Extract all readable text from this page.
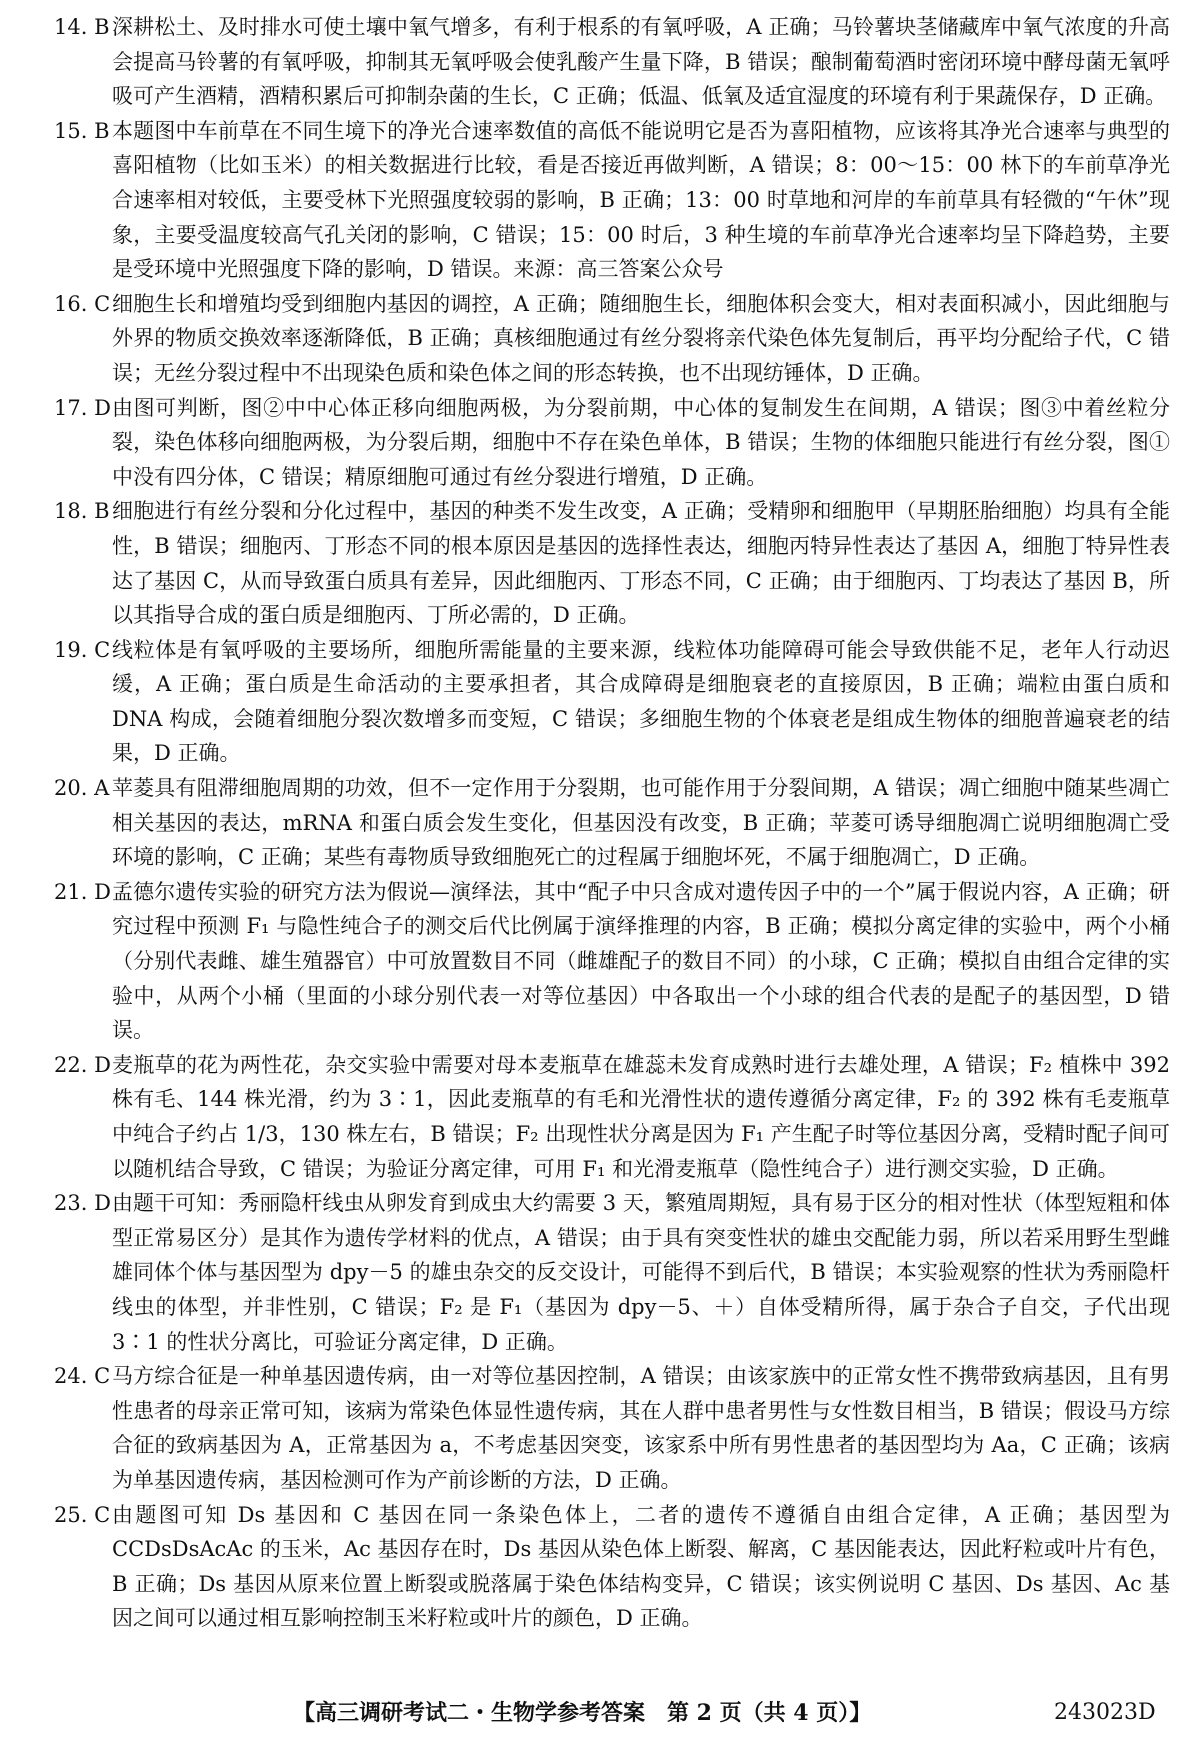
14. B 深耕松土、及时排水可使土壤中氧气增多，有利于根系的有氧呼吸，A 正确；马铃薯块茎储藏库中氧气浓度的升高会提高马铃薯的有氧呼吸，抑制其无氧呼吸会使乳酸产生量下降，B 错误；酿制葡萄酒时密闭环境中酵母菌无氧呼吸可产生酒精，酒精积累后可抑制杂菌的生长，C 正确；低温、低氧及适宜湿度的环境有利于果蔬保存，D 正确。
15. B 本题图中车前草在不同生境下的净光合速率数值的高低不能说明它是否为喜阳植物，应该将其净光合速率与典型的喜阳植物（比如玉米）的相关数据进行比较，看是否接近再做判断，A 错误；8：00～15：00 林下的车前草净光合速率相对较低，主要受林下光照强度较弱的影响，B 正确；13：00 时草地和河岸的车前草具有轻微的“午休”现象，主要受温度较高气孔关闭的影响，C 错误；15：00 时后，3 种生境的车前草净光合速率均呈下降趋势，主要是受环境中光照强度下降的影响，D 错误。来源：高三答案公众号
16. C 细胞生长和增殖均受到细胞内基因的调控，A 正确；随细胞生长，细胞体积会变大，相对表面积减小，因此细胞与外界的物质交换效率逐渐降低，B 正确；真核细胞通过有丝分裂将亲代染色体先复制后，再平均分配给子代，C 错误；无丝分裂过程中不出现染色质和染色体之间的形态转换，也不出现纺锤体，D 正确。
17. D 由图可判断，图②中中心体正移向细胞两极，为分裂前期，中心体的复制发生在间期，A 错误；图③中着丝粒分裂，染色体移向细胞两极，为分裂后期，细胞中不存在染色单体，B 错误；生物的体细胞只能进行有丝分裂，图①中没有四分体，C 错误；精原细胞可通过有丝分裂进行增殖，D 正确。
18. B 细胞进行有丝分裂和分化过程中，基因的种类不发生改变，A 正确；受精卵和细胞甲（早期胚胎细胞）均具有全能性，B 错误；细胞丙、丁形态不同的根本原因是基因的选择性表达，细胞丙特异性表达了基因 A，细胞丁特异性表达了基因 C，从而导致蛋白质具有差异，因此细胞丙、丁形态不同，C 正确；由于细胞丙、丁均表达了基因 B，所以其指导合成的蛋白质是细胞丙、丁所必需的，D 正确。
19. C 线粒体是有氧呼吸的主要场所，细胞所需能量的主要来源，线粒体功能障碍可能会导致供能不足，老年人行动迟缓，A 正确；蛋白质是生命活动的主要承担者，其合成障碍是细胞衰老的直接原因，B 正确；端粒由蛋白质和 DNA 构成，会随着细胞分裂次数增多而变短，C 错误；多细胞生物的个体衰老是组成生物体的细胞普遍衰老的结果，D 正确。
20. A 苹菱具有阻滞细胞周期的功效，但不一定作用于分裂期，也可能作用于分裂间期，A 错误；凋亡细胞中随某些凋亡相关基因的表达，mRNA 和蛋白质会发生变化，但基因没有改变，B 正确；苹菱可诱导细胞凋亡说明细胞凋亡受环境的影响，C 正确；某些有毒物质导致细胞死亡的过程属于细胞坏死，不属于细胞凋亡，D 正确。
21. D 孟德尔遗传实验的研究方法为假说—演绎法，其中“配子中只含成对遗传因子中的一个”属于假说内容，A 正确；研究过程中预测 F₁ 与隐性纯合子的测交后代比例属于演绎推理的内容，B 正确；模拟分离定律的实验中，两个小桶（分别代表雌、雄生殖器官）中可放置数目不同（雌雄配子的数目不同）的小球，C 正确；模拟自由组合定律的实验中，从两个小桶（里面的小球分别代表一对等位基因）中各取出一个小球的组合代表的是配子的基因型，D 错误。
22. D 麦瓶草的花为两性花，杂交实验中需要对母本麦瓶草在雄蕊未发育成熟时进行去雄处理，A 错误；F₂ 植株中 392 株有毛、144 株光滑，约为 3∶1，因此麦瓶草的有毛和光滑性状的遗传遵循分离定律，F₂ 的 392 株有毛麦瓶草中纯合子约占 1/3，130 株左右，B 错误；F₂ 出现性状分离是因为 F₁ 产生配子时等位基因分离，受精时配子间可以随机结合导致，C 错误；为验证分离定律，可用 F₁ 和光滑麦瓶草（隐性纯合子）进行测交实验，D 正确。
23. D 由题干可知：秀丽隐杆线虫从卵发育到成虫大约需要 3 天，繁殖周期短，具有易于区分的相对性状（体型短粗和体型正常易区分）是其作为遗传学材料的优点，A 错误；由于具有突变性状的雄虫交配能力弱，所以若采用野生型雌雄同体个体与基因型为 dpy－5 的雄虫杂交的反交设计，可能得不到后代，B 错误；本实验观察的性状为秀丽隐杆线虫的体型，并非性别，C 错误；F₂ 是 F₁（基因为 dpy－5、＋）自体受精所得，属于杂合子自交，子代出现 3∶1 的性状分离比，可验证分离定律，D 正确。
24. C 马方综合征是一种单基因遗传病，由一对等位基因控制，A 错误；由该家族中的正常女性不携带致病基因，且有男性患者的母亲正常可知，该病为常染色体显性遗传病，其在人群中患者男性与女性数目相当，B 错误；假设马方综合征的致病基因为 A，正常基因为 a，不考虑基因突变，该家系中所有男性患者的基因型均为 Aa，C 正确；该病为单基因遗传病，基因检测可作为产前诊断的方法，D 正确。
25. C 由题图可知 Ds 基因和 C 基因在同一条染色体上，二者的遗传不遵循自由组合定律，A 正确；基因型为 CCDsDsAcAc 的玉米，Ac 基因存在时，Ds 基因从染色体上断裂、解离，C 基因能表达，因此籽粒或叶片有色，B 正确；Ds 基因从原来位置上断裂或脱落属于染色体结构变异，C 错误；该实例说明 C 基因、Ds 基因、Ac 基因之间可以通过相互影响控制玉米籽粒或叶片的颜色，D 正确。
【高三调研考试二・生物学参考答案　第 2 页（共 4 页）】	243023D
